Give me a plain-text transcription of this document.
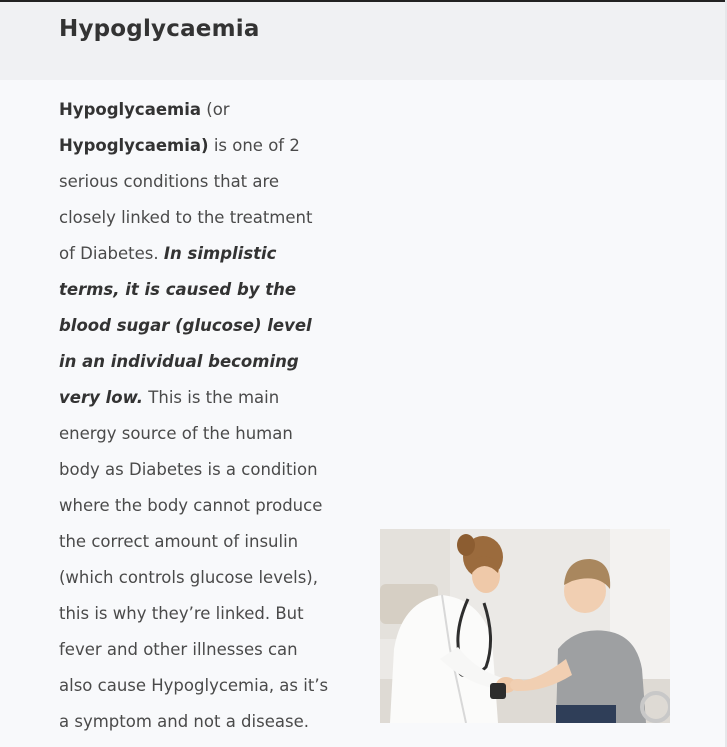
Hypoglycaemia

Hypoglycaemia (or Hypoglycaemia) is one of 2 serious conditions that are closely linked to the treatment of Diabetes. In simplistic terms, it is caused by the blood sugar (glucose) level in an individual becoming very low. This is the main energy source of the human body as Diabetes is a condition where the body cannot produce the correct amount of insulin (which controls glucose levels), this is why they’re linked. But fever and other illnesses can also cause Hypoglycemia, as it’s a symptom and not a disease.
